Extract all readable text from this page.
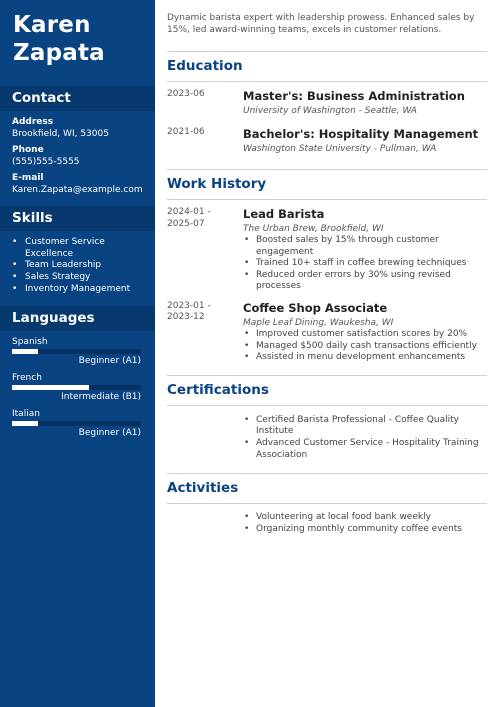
Karen
Zapata
Contact
Address
Brookfield, WI, 53005
Phone
(555)555-5555
E-mail
Karen.Zapata@example.com
Skills
• Customer Service Excellence
• Team Leadership
• Sales Strategy
• Inventory Management
Languages
Spanish
Beginner (A1)
French
Intermediate (B1)
Italian
Beginner (A1)

Dynamic barista expert with leadership prowess. Enhanced sales by 15%, led award-winning teams, excels in customer relations.

Education
2023-06	Master's: Business Administration
University of Washington - Seattle, WA
2021-06	Bachelor's: Hospitality Management
Washington State University - Pullman, WA
Work History
2024-01 - 2025-07
Lead Barista
The Urban Brew, Brookfield, WI
• Boosted sales by 15% through customer engagement
• Trained 10+ staff in coffee brewing techniques
• Reduced order errors by 30% using revised processes
2023-01 - 2023-12
Coffee Shop Associate
Maple Leaf Dining, Waukesha, WI
• Improved customer satisfaction scores by 20%
• Managed $500 daily cash transactions efficiently
• Assisted in menu development enhancements
Certifications
• Certified Barista Professional - Coffee Quality Institute
• Advanced Customer Service - Hospitality Training Association
Activities
• Volunteering at local food bank weekly
• Organizing monthly community coffee events
